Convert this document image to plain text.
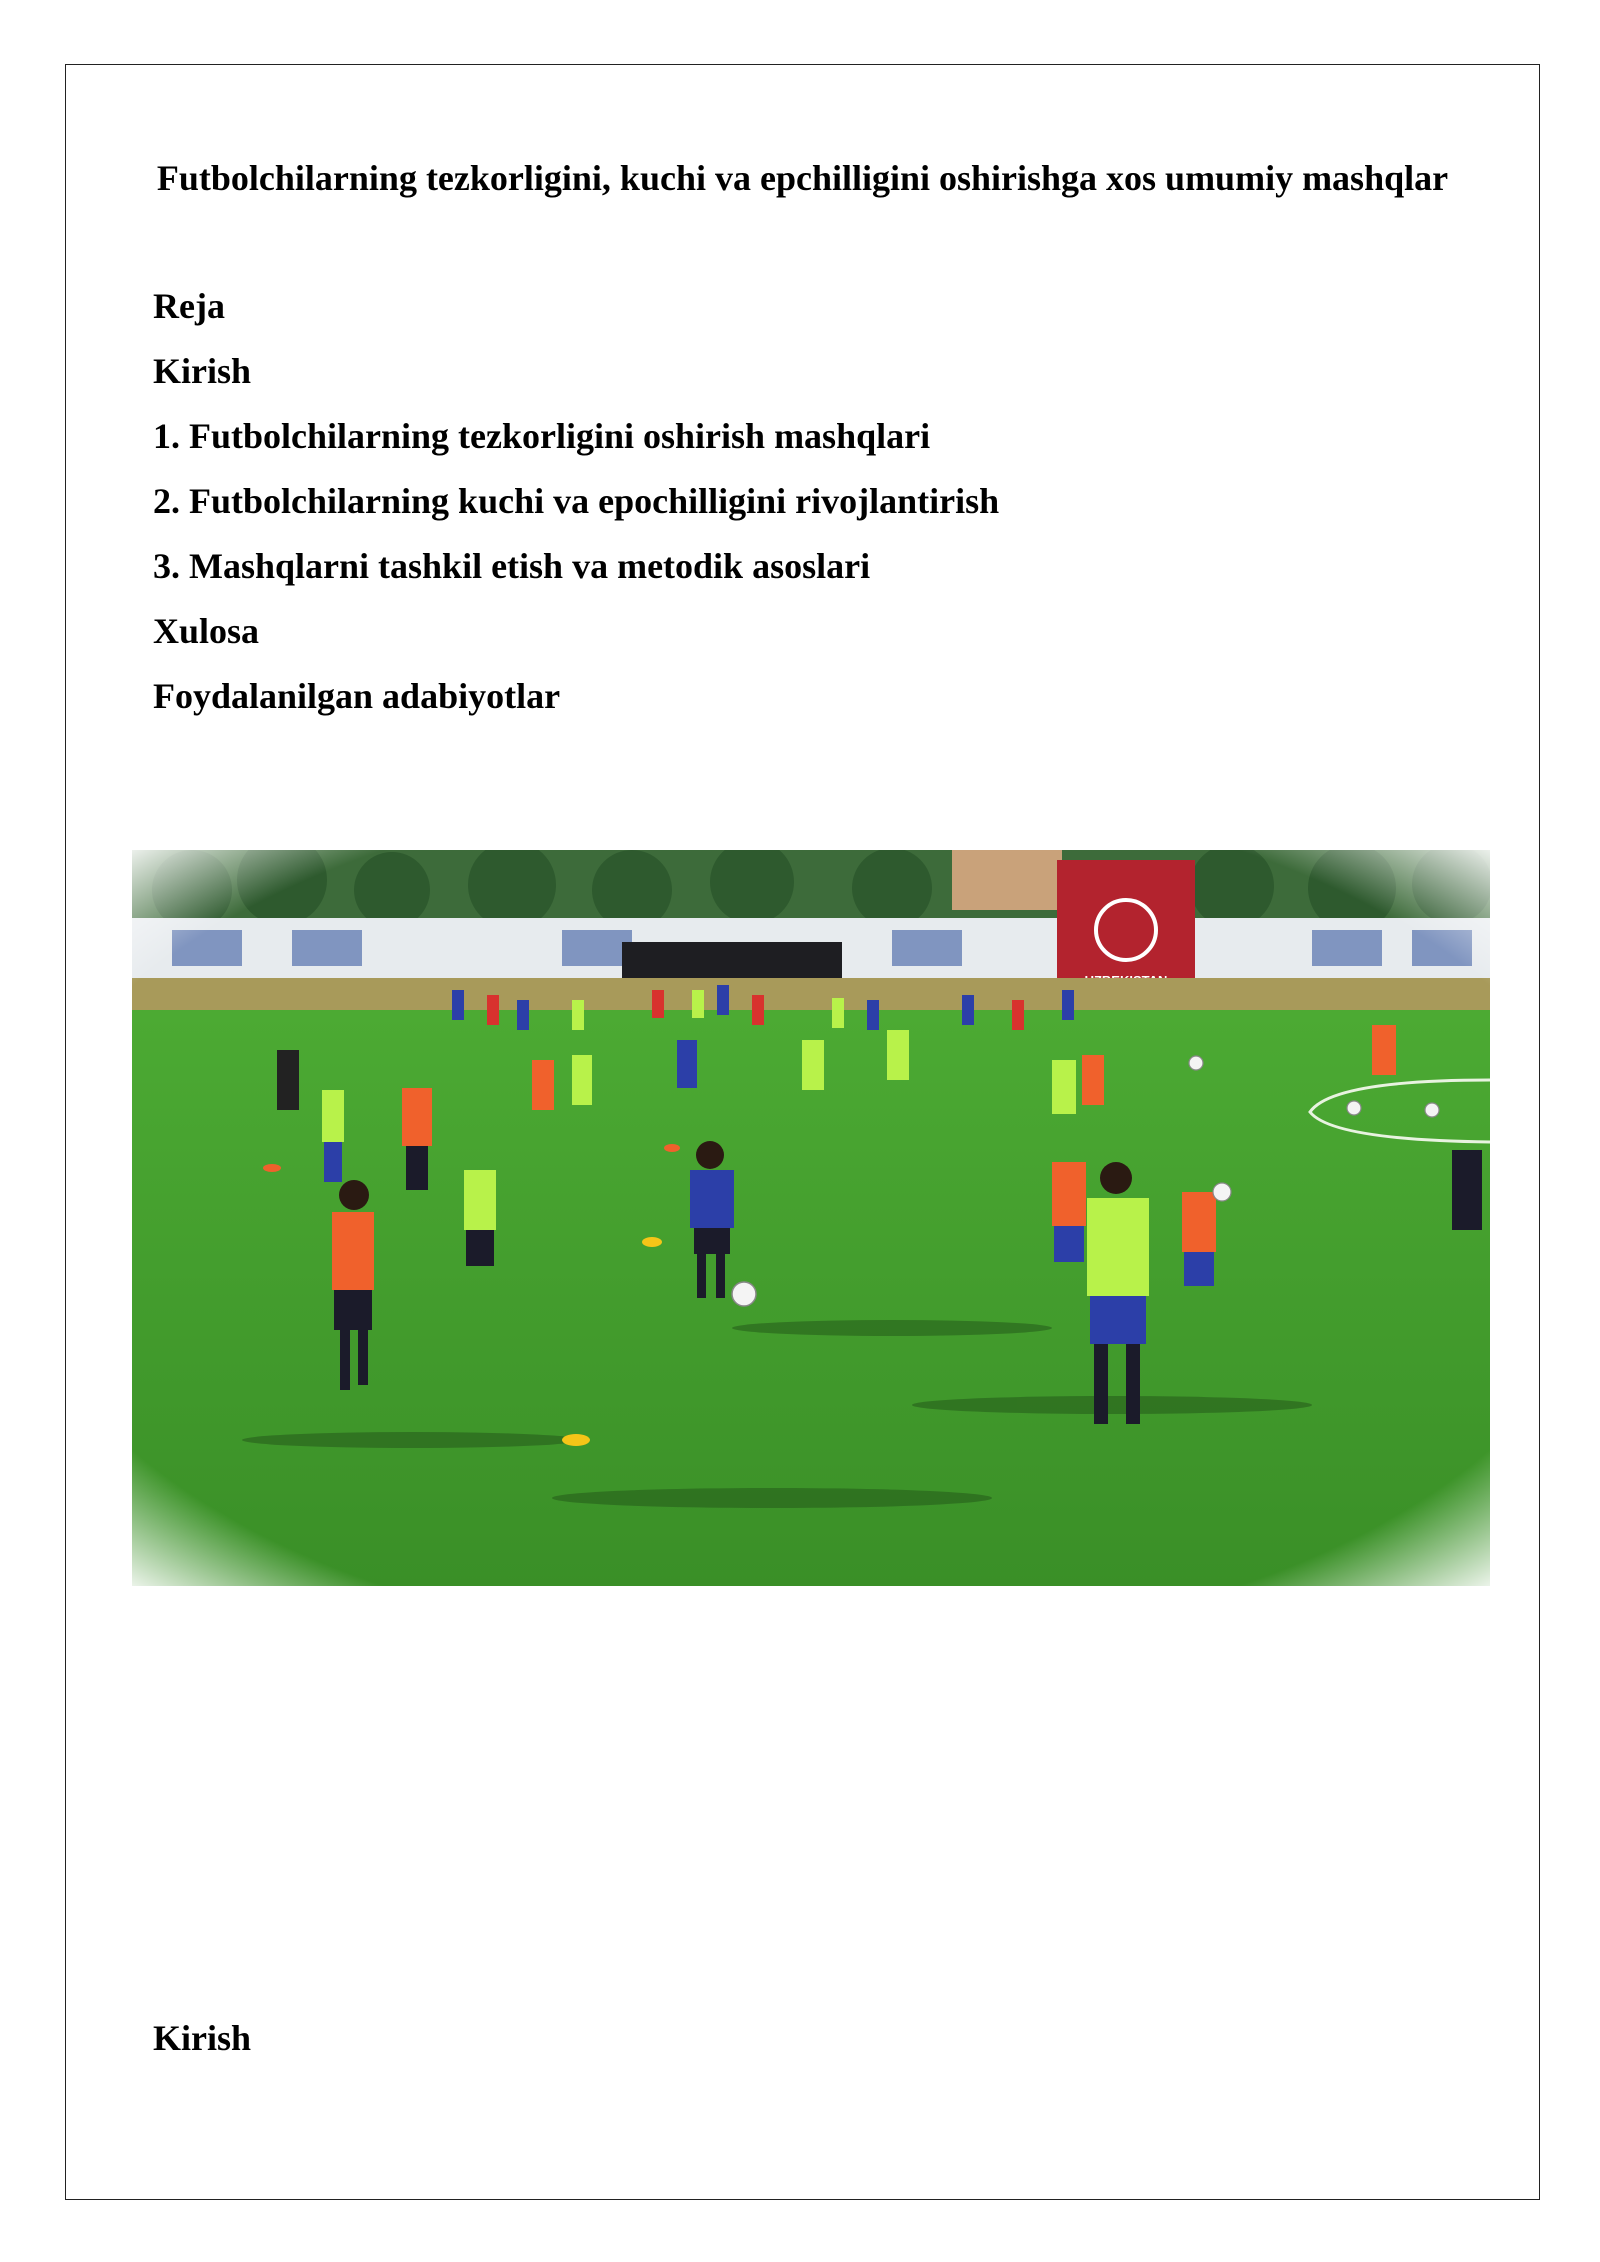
Futbolchilarning tezkorligini, kuchi va epchilligini oshirishga xos umumiy mashqlar
Reja
Kirish
1. Futbolchilarning tezkorligini oshirish mashqlari
2. Futbolchilarning kuchi va epochilligini rivojlantirish
3. Mashqlarni tashkil etish va metodik asoslari
Xulosa
Foydalanilgan adabiyotlar
Kirish
